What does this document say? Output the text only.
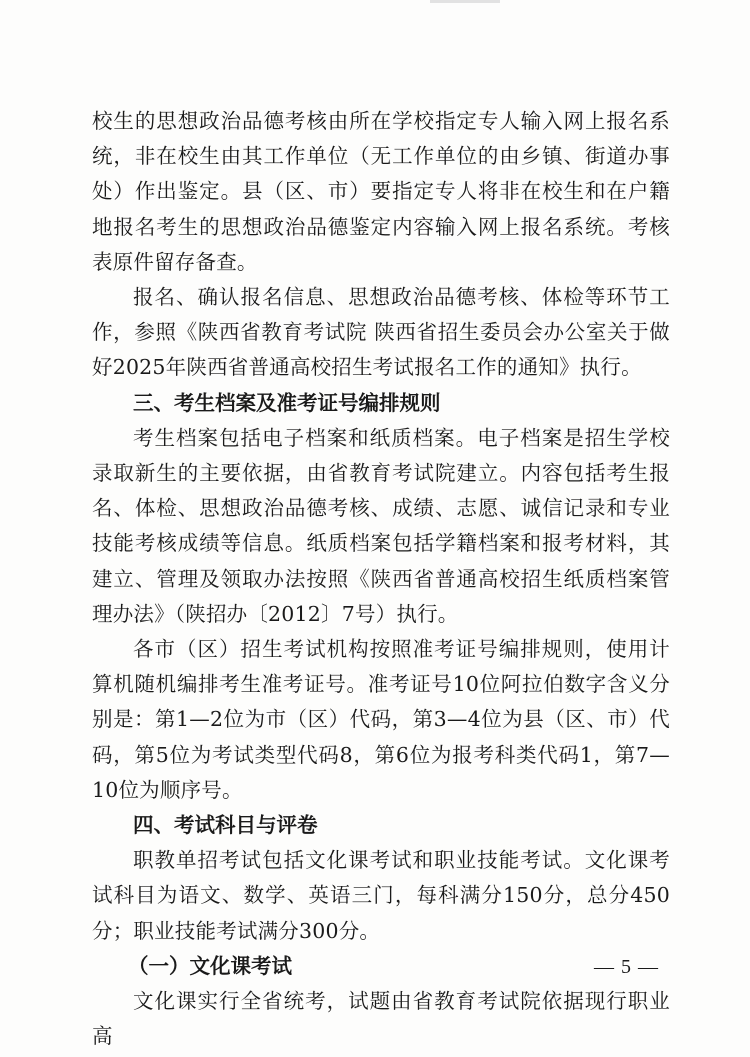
校生的思想政治品德考核由所在学校指定专人输入网上报名系统，非在校生由其工作单位（无工作单位的由乡镇、街道办事处）作出鉴定。县（区、市）要指定专人将非在校生和在户籍地报名考生的思想政治品德鉴定内容输入网上报名系统。考核表原件留存备查。

报名、确认报名信息、思想政治品德考核、体检等环节工作，参照《陕西省教育考试院 陕西省招生委员会办公室关于做好2025年陕西省普通高校招生考试报名工作的通知》执行。

三、考生档案及准考证号编排规则

考生档案包括电子档案和纸质档案。电子档案是招生学校录取新生的主要依据，由省教育考试院建立。内容包括考生报名、体检、思想政治品德考核、成绩、志愿、诚信记录和专业技能考核成绩等信息。纸质档案包括学籍档案和报考材料，其建立、管理及领取办法按照《陕西省普通高校招生纸质档案管理办法》（陕招办〔2012〕7号）执行。

各市（区）招生考试机构按照准考证号编排规则，使用计算机随机编排考生准考证号。准考证号10位阿拉伯数字含义分别是：第1—2位为市（区）代码，第3—4位为县（区、市）代码，第5位为考试类型代码8，第6位为报考科类代码1，第7—10位为顺序号。

四、考试科目与评卷

职教单招考试包括文化课考试和职业技能考试。文化课考试科目为语文、数学、英语三门，每科满分150分，总分450分；职业技能考试满分300分。

（一）文化课考试

文化课实行全省统考，试题由省教育考试院依据现行职业高

— 5 —
